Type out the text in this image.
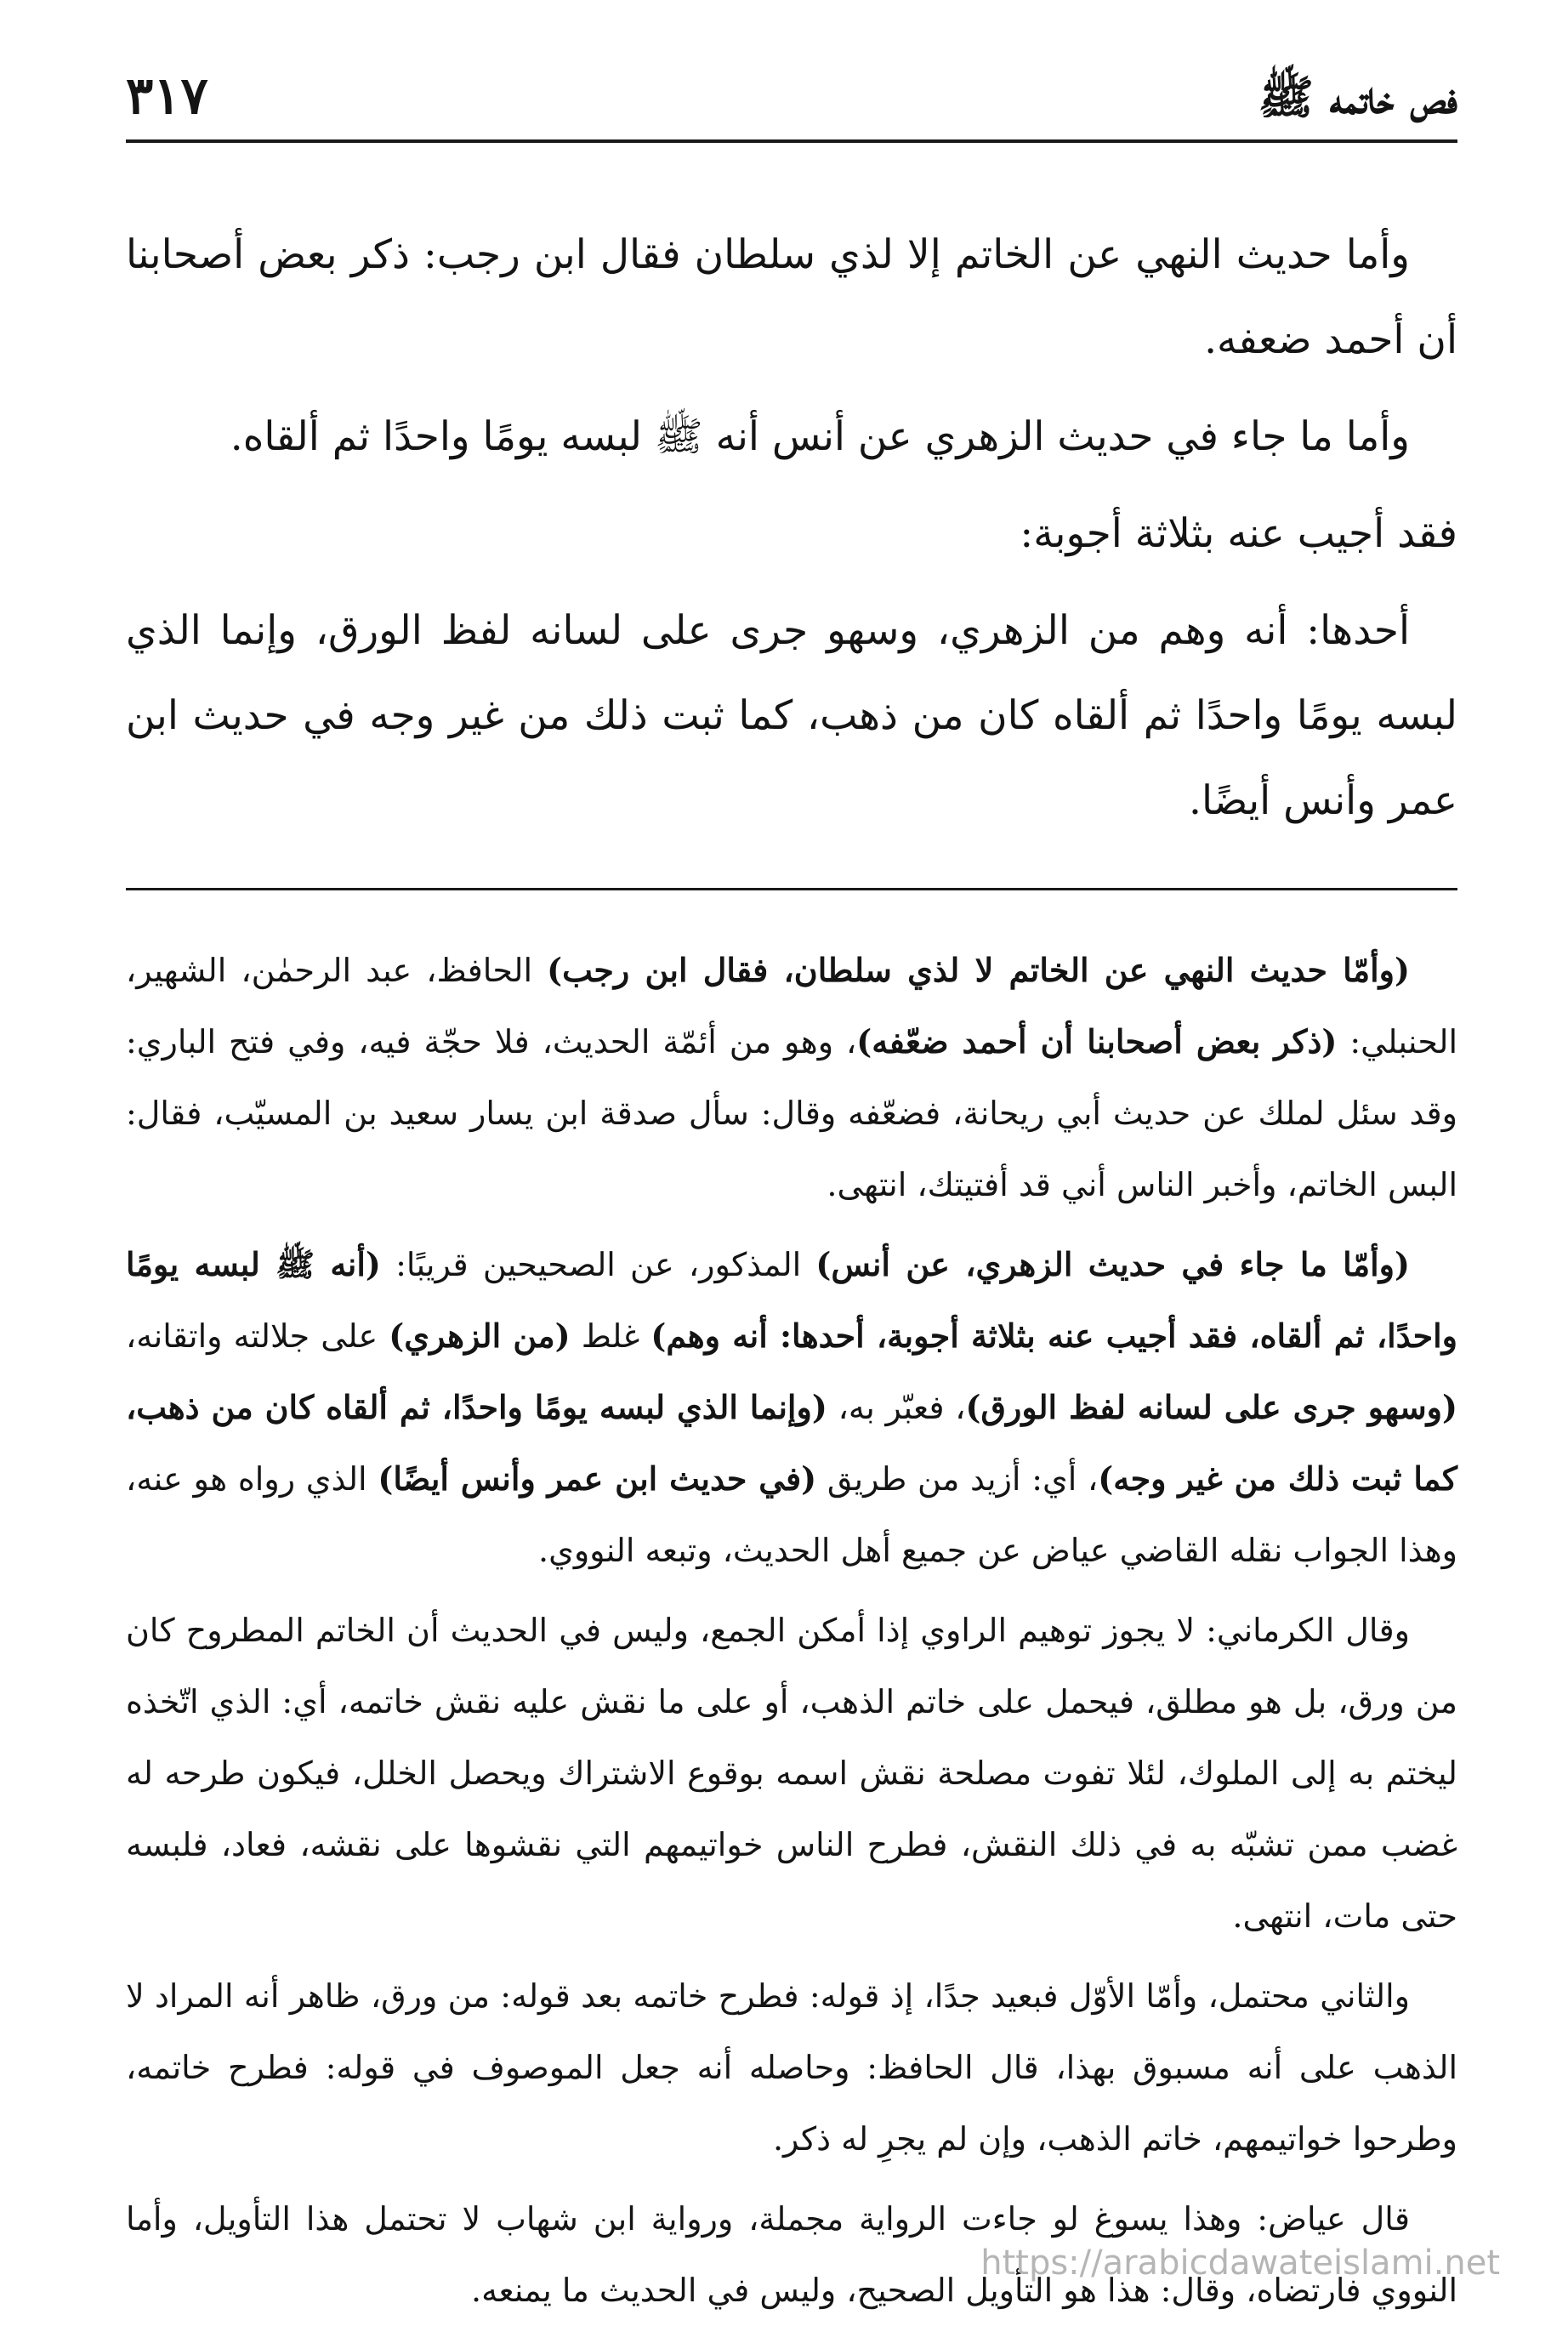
٣١٧	فص خاتمه ﷺ

وأما حديث النهي عن الخاتم إلا لذي سلطان فقال ابن رجب: ذكر بعض أصحابنا أن أحمد ضعفه.

وأما ما جاء في حديث الزهري عن أنس أنه ﷺ لبسه يومًا واحدًا ثم ألقاه.

فقد أجيب عنه بثلاثة أجوبة:

أحدها: أنه وهم من الزهري، وسهو جرى على لسانه لفظ الورق، وإنما الذي لبسه يومًا واحدًا ثم ألقاه كان من ذهب، كما ثبت ذلك من غير وجه في حديث ابن عمر وأنس أيضًا.

(وأمّا حديث النهي عن الخاتم لا لذي سلطان، فقال ابن رجب) الحافظ، عبد الرحمٰن، الشهير، الحنبلي: (ذكر بعض أصحابنا أن أحمد ضعّفه)، وهو من أئمّة الحديث، فلا حجّة فيه، وفي فتح الباري: وقد سئل لملك عن حديث أبي ريحانة، فضعّفه وقال: سأل صدقة ابن يسار سعيد بن المسيّب، فقال: البس الخاتم، وأخبر الناس أني قد أفتيتك، انتهى.

(وأمّا ما جاء في حديث الزهري، عن أنس) المذكور، عن الصحيحين قريبًا: (أنه ﷺ لبسه يومًا واحدًا، ثم ألقاه، فقد أجيب عنه بثلاثة أجوبة، أحدها: أنه وهم) غلط (من الزهري) على جلالته واتقانه، (وسهو جرى على لسانه لفظ الورق)، فعبّر به، (وإنما الذي لبسه يومًا واحدًا، ثم ألقاه كان من ذهب، كما ثبت ذلك من غير وجه)، أي: أزيد من طريق (في حديث ابن عمر وأنس أيضًا) الذي رواه هو عنه، وهذا الجواب نقله القاضي عياض عن جميع أهل الحديث، وتبعه النووي.

وقال الكرماني: لا يجوز توهيم الراوي إذا أمكن الجمع، وليس في الحديث أن الخاتم المطروح كان من ورق، بل هو مطلق، فيحمل على خاتم الذهب، أو على ما نقش عليه نقش خاتمه، أي: الذي اتّخذه ليختم به إلى الملوك، لئلا تفوت مصلحة نقش اسمه بوقوع الاشتراك ويحصل الخلل، فيكون طرحه له غضب ممن تشبّه به في ذلك النقش، فطرح الناس خواتيمهم التي نقشوها على نقشه، فعاد، فلبسه حتى مات، انتهى.

والثاني محتمل، وأمّا الأوّل فبعيد جدًا، إذ قوله: فطرح خاتمه بعد قوله: من ورق، ظاهر أنه المراد لا الذهب على أنه مسبوق بهذا، قال الحافظ: وحاصله أنه جعل الموصوف في قوله: فطرح خاتمه، وطرحوا خواتيمهم، خاتم الذهب، وإن لم يجرِ له ذكر.

قال عياض: وهذا يسوغ لو جاءت الرواية مجملة، ورواية ابن شهاب لا تحتمل هذا التأويل، وأما النووي فارتضاه، وقال: هذا هو التأويل الصحيح، وليس في الحديث ما يمنعه.

https://arabicdawateislami.net
